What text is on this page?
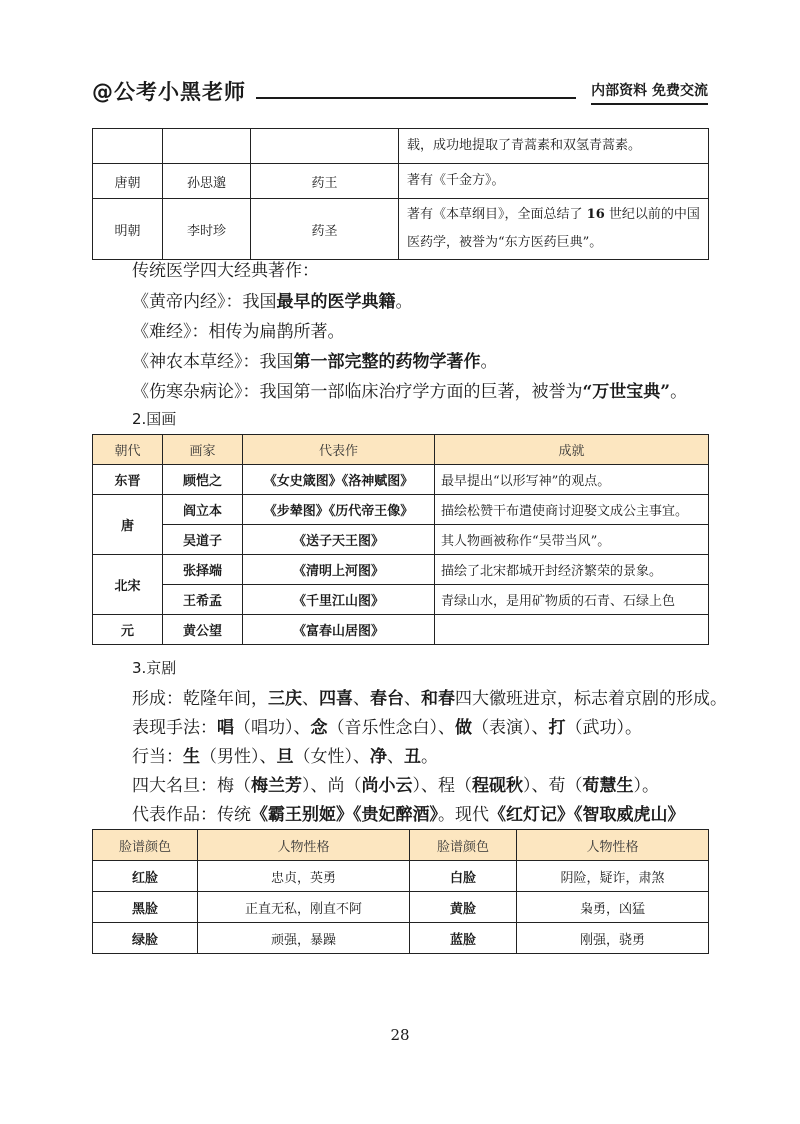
@公考小黑老师	内部资料 免费交流
			载，成功地提取了青蒿素和双氢青蒿素。
唐朝	孙思邈	药王	著有《千金方》。
明朝	李时珍	药圣	著有《本草纲目》，全面总结了 16 世纪以前的中国医药学，被誉为“东方医药巨典”。
传统医学四大经典著作：
《黄帝内经》：我国最早的医学典籍。
《难经》：相传为扁鹊所著。
《神农本草经》：我国第一部完整的药物学著作。
《伤寒杂病论》：我国第一部临床治疗学方面的巨著，被誉为“万世宝典”。
2.国画
朝代	画家	代表作	成就
东晋	顾恺之	《女史箴图》《洛神赋图》	最早提出“以形写神”的观点。
唐	阎立本	《步辇图》《历代帝王像》	描绘松赞干布遣使商讨迎娶文成公主事宜。
	吴道子	《送子天王图》	其人物画被称作“吴带当风”。
北宋	张择端	《清明上河图》	描绘了北宋都城开封经济繁荣的景象。
	王希孟	《千里江山图》	青绿山水，是用矿物质的石青、石绿上色
元	黄公望	《富春山居图》	
3.京剧
形成：乾隆年间，三庆、四喜、春台、和春四大徽班进京，标志着京剧的形成。
表现手法：唱（唱功）、念（音乐性念白）、做（表演）、打（武功）。
行当：生（男性）、旦（女性）、净、丑。
四大名旦：梅（梅兰芳）、尚（尚小云）、程（程砚秋）、荀（荀慧生）。
代表作品：传统《霸王别姬》《贵妃醉酒》。现代《红灯记》《智取威虎山》
脸谱颜色	人物性格	脸谱颜色	人物性格
红脸	忠贞，英勇	白脸	阴险，疑诈，肃煞
黑脸	正直无私，刚直不阿	黄脸	枭勇，凶猛
绿脸	顽强，暴躁	蓝脸	刚强，骁勇
28
